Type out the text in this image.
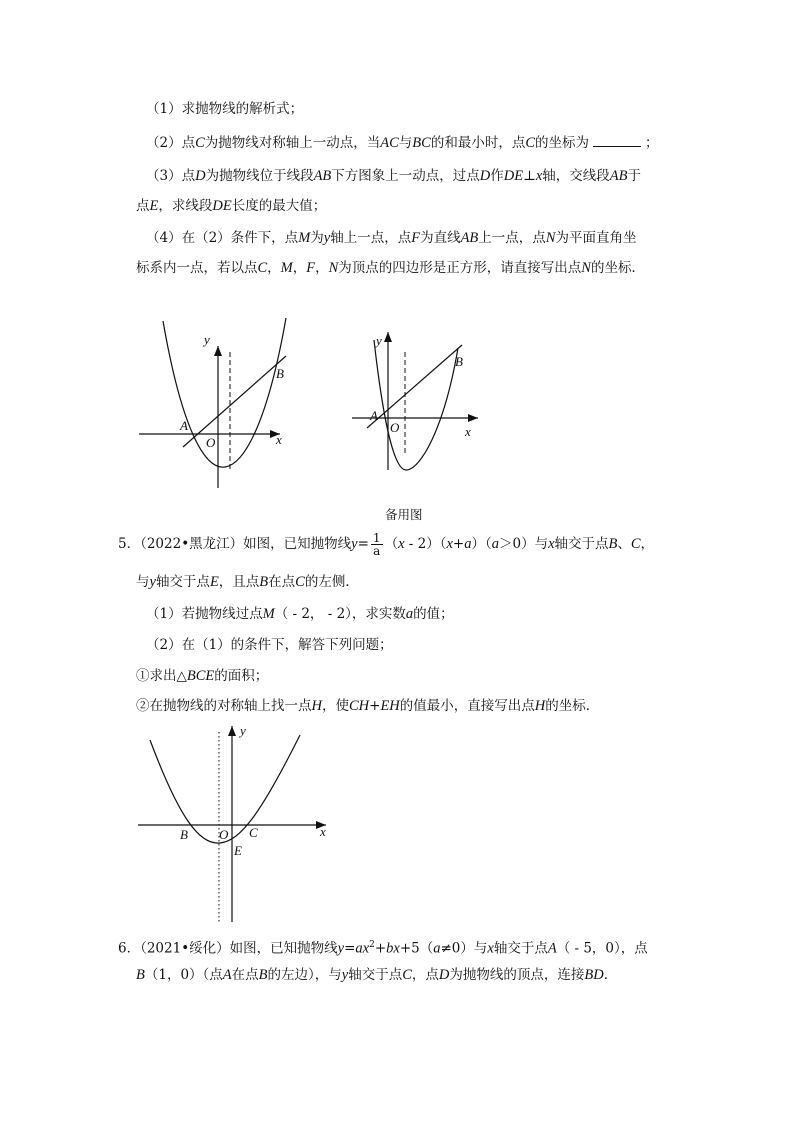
（1）求抛物线的解析式；
（2）点C为抛物线对称轴上一动点，当AC与BC的和最小时，点C的坐标为	；
（3）点D为抛物线位于线段AB下方图象上一动点，过点D作DE⊥x轴，交线段AB于
点E，求线段DE长度的最大值；
（4）在（2）条件下，点M为y轴上一点，点F为直线AB上一点，点N为平面直角坐
标系内一点，若以点C，M，F，N为顶点的四边形是正方形，请直接写出点N的坐标．
y
B
A
O	x
y
B
A
O	x
备用图
5．（2022•黑龙江）如图，已知抛物线$y= \frac{1}{a} (x - 2)(x+a)(a>0)$与x轴交于点B、C，
与y轴交于点E，且点B在点C的左侧．
（1）若抛物线过点M（ - 2， - 2），求实数a的值；
（2）在（1）的条件下，解答下列问题；
①求出△BCE的面积；
②在抛物线的对称轴上找一点H，使CH+EH的值最小，直接写出点H的坐标．
y
B O C
E
x
6．（2021•绥化）如图，已知抛物线$y=ax^2+bx+5(a\ne 0)$与x轴交于点A（ - 5，0），点
B（1，0）（点A在点B的左边），与y轴交于点C，点D为抛物线的顶点，连接BD．
